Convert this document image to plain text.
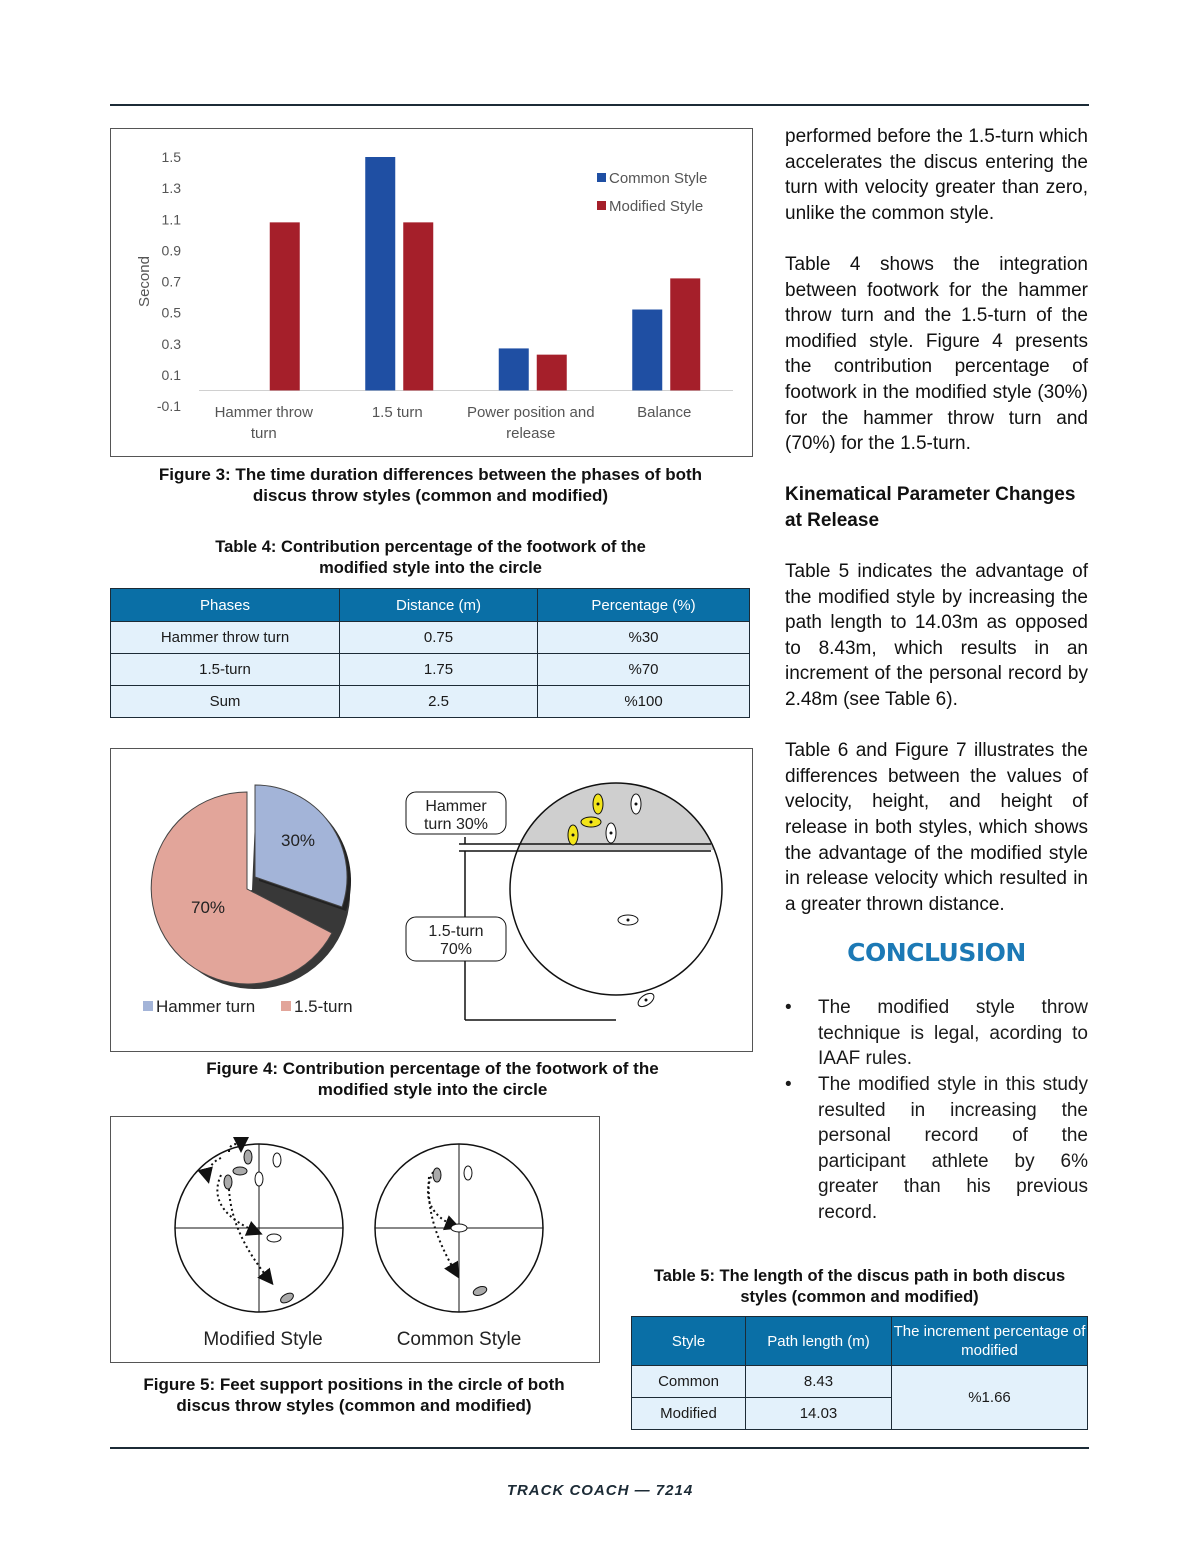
1.5
1.3
1.1
0.9
0.7
0.5
0.3
0.1
-0.1
Second
Hammer throw
turn
1.5 turn	Power position and
release
Balance
Common Style
Modified Style
Figure 3: The time duration differences between the phases of both
discus throw styles (common and modified)
Table 4: Contribution percentage of the footwork of the
modified style into the circle
Phases	Distance (m)	Percentage (%)
Hammer throw turn	0.75	%30
1.5-turn	1.75	%70
Sum	2.5	%100
30%
70%
Hammer turn 1.5-turn
Hammer
turn 30%
1.5-turn
70%
Figure 4: Contribution percentage of the footwork of the
modified style into the circle
Modified Style	Common Style
Figure 5: Feet support positions in the circle of both
discus throw styles (common and modified)

performed before the 1.5-turn which accelerates the discus entering the turn with velocity greater than zero, unlike the common style.

Table 4 shows the integration between footwork for the hammer throw turn and the 1.5-turn of the modified style. Figure 4 presents the contribution percentage of footwork in the modified style (30%) for the hammer throw turn and (70%) for the 1.5-turn.

Kinematical Parameter Changes at Release

Table 5 indicates the advantage of the modified style by increasing the path length to 14.03m as opposed to 8.43m, which results in an increment of the personal record by 2.48m (see Table 6).

Table 6 and Figure 7 illustrates the differences between the values of velocity, height, and height of release in both styles, which shows the advantage of the modified style in release velocity which resulted in a greater thrown distance.

CONCLUSION
• The modified style throw technique is legal, acording to IAAF rules.
• The modified style in this study resulted in increasing the personal record of the participant athlete by 6% greater than his previous record.
Table 5: The length of the discus path in both discus
styles (common and modified)
Style	Path length (m)	The increment percentage of modified
Common	8.43	%1.66
Modified	14.03	
TRACK COACH — 7214
